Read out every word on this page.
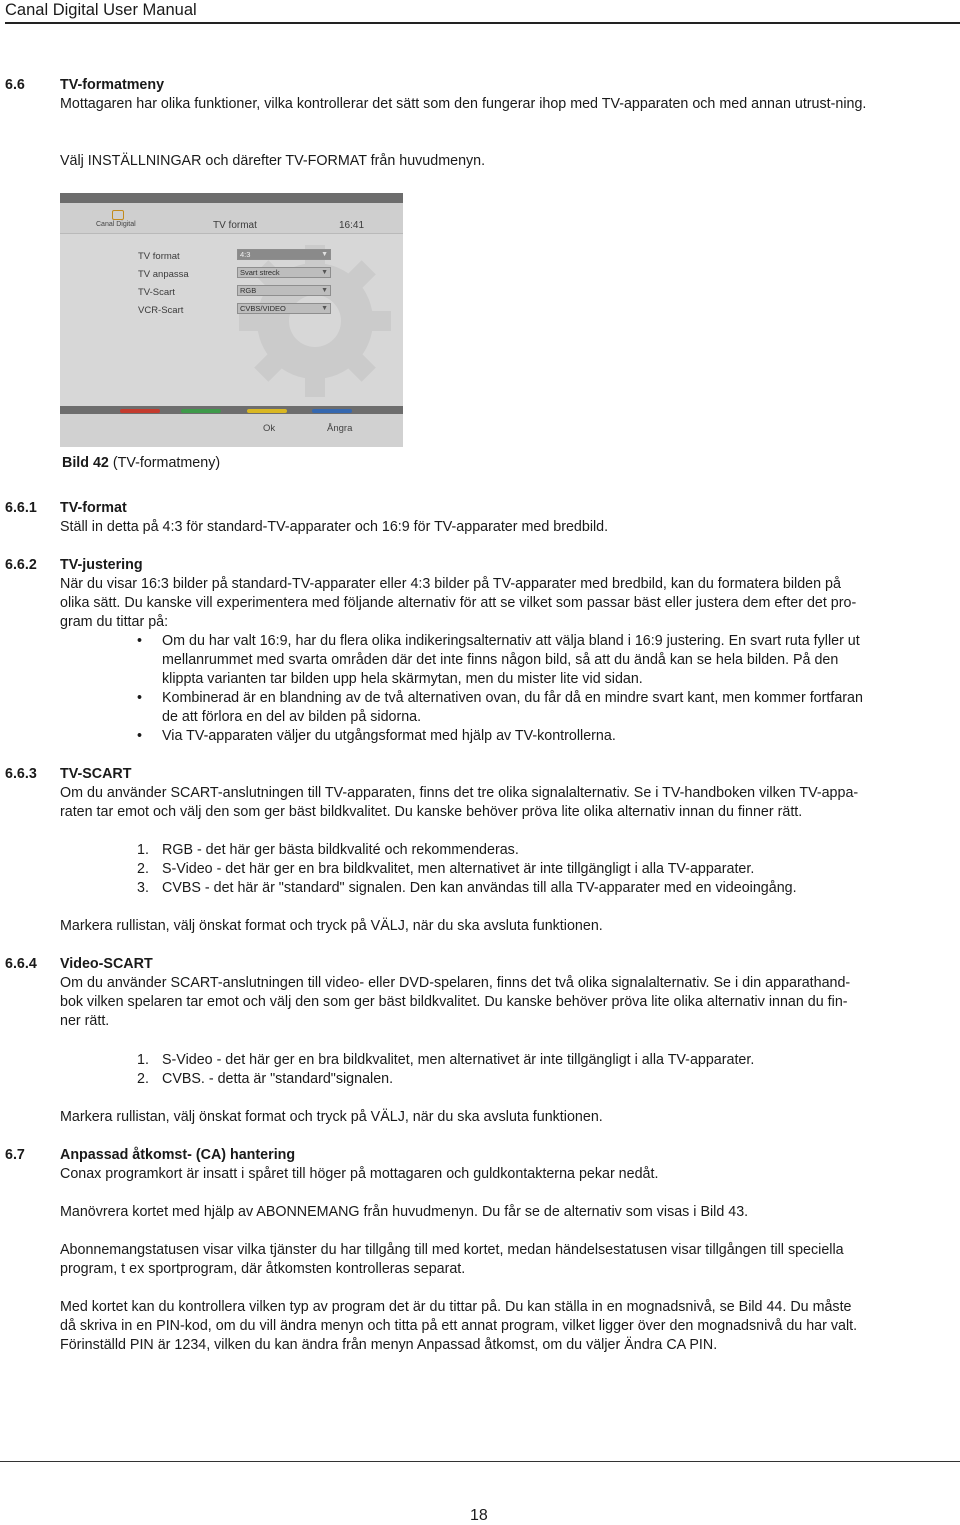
Canal Digital User Manual
6.6 TV-formatmeny

Mottagaren har olika funktioner, vilka kontrollerar det sätt som den fungerar ihop med TV-apparaten och med annan utrust-ning.

Välj INSTÄLLNINGAR och därefter TV-FORMAT från huvudmenyn.
Canal Digital	TV format	16:41
TV format	4:3	▼
TV anpassa	Svart streck	▼
TV-Scart	RGB	▼
VCR-Scart	CVBS/VIDEO	▼
Ok	Ångra
Bild 42 (TV-formatmeny)
6.6.1 TV-format
Ställ in detta på 4:3 för standard-TV-apparater och 16:9 för TV-apparater med bredbild.
6.6.2 TV-justering

När du visar 16:3 bilder på standard-TV-apparater eller 4:3 bilder på TV-apparater med bredbild, kan du formatera bilden på

olika sätt. Du kanske vill experimentera med följande alternativ för att se vilket som passar bäst eller justera dem efter det pro-

gram du tittar på:

• Om du har valt 16:9, har du flera olika indikeringsalternativ att välja bland i 16:9 justering. En svart ruta fyller ut

mellanrummet med svarta områden där det inte finns någon bild, så att du ändå kan se hela bilden. På den

klippta varianten tar bilden upp hela skärmytan, men du mister lite vid sidan.

• Kombinerad är en blandning av de två alternativen ovan, du får då en mindre svart kant, men kommer fortfaran

de att förlora en del av bilden på sidorna.

• Via TV-apparaten väljer du utgångsformat med hjälp av TV-kontrollerna.

6.6.3 TV-SCART

Om du använder SCART-anslutningen till TV-apparaten, finns det tre olika signalalternativ. Se i TV-handboken vilken TV-appa-

raten tar emot och välj den som ger bäst bildkvalitet. Du kanske behöver pröva lite olika alternativ innan du finner rätt.

1. RGB - det här ger bästa bildkvalité och rekommenderas.
2. S-Video - det här ger en bra bildkvalitet, men alternativet är inte tillgängligt i alla TV-apparater.
3. CVBS - det här är "standard" signalen. Den kan användas till alla TV-apparater med en videoingång.
Markera rullistan, välj önskat format och tryck på VÄLJ, när du ska avsluta funktionen.
6.6.4 Video-SCART

Om du använder SCART-anslutningen till video- eller DVD-spelaren, finns det två olika signalalternativ. Se i din apparathand-

bok vilken spelaren tar emot och välj den som ger bäst bildkvalitet. Du kanske behöver pröva lite olika alternativ innan du fin-

ner rätt.

1. S-Video - det här ger en bra bildkvalitet, men alternativet är inte tillgängligt i alla TV-apparater.
2. CVBS. - detta är "standard"signalen.
Markera rullistan, välj önskat format och tryck på VÄLJ, när du ska avsluta funktionen.
6.7 Anpassad åtkomst- (CA) hantering
Conax programkort är insatt i spåret till höger på mottagaren och guldkontakterna pekar nedåt.
Manövrera kortet med hjälp av ABONNEMANG från huvudmenyn. Du får se de alternativ som visas i Bild 43.

Abonnemangstatusen visar vilka tjänster du har tillgång till med kortet, medan händelsestatusen visar tillgången till speciella

program, t ex sportprogram, där åtkomsten kontrolleras separat.

Med kortet kan du kontrollera vilken typ av program det är du tittar på. Du kan ställa in en mognadsnivå, se Bild 44. Du måste

då skriva in en PIN-kod, om du vill ändra menyn och titta på ett annat program, vilket ligger över den mognadsnivå du har valt.

Förinställd PIN är 1234, vilken du kan ändra från menyn Anpassad åtkomst, om du väljer Ändra CA PIN.

18
